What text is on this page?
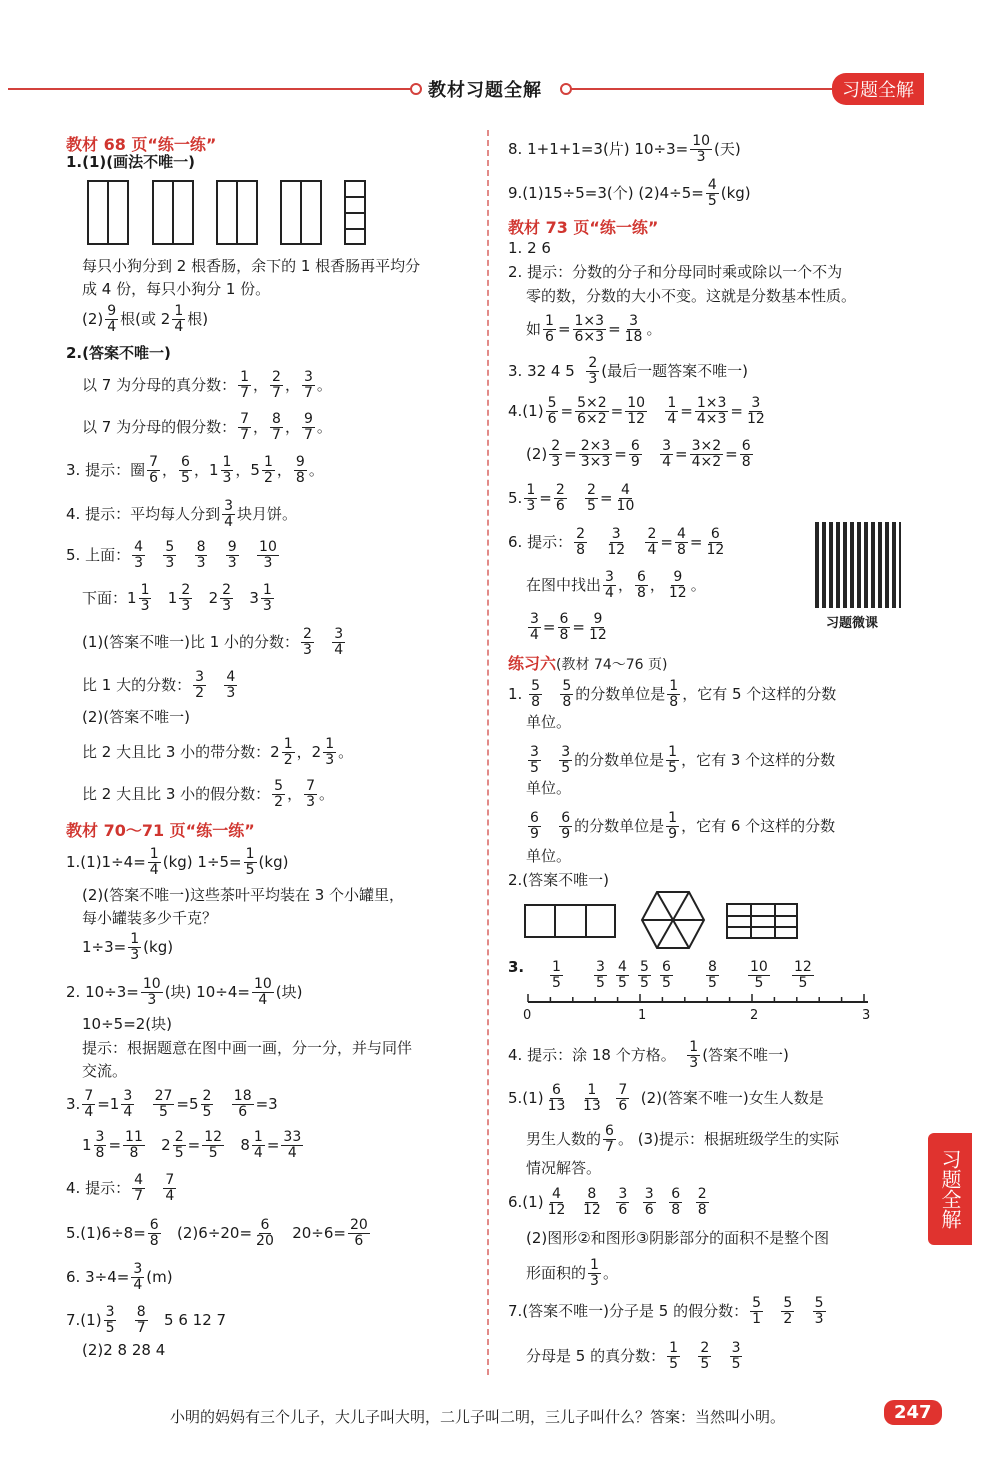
教材习题全解	习题全解
教材 68 页“练一练”
1.(1)(画法不唯一)
每只小狗分到 2 根香肠，余下的 1 根香肠再平均分
成 4 份，每只小狗分 1 份。
$(2) \frac{9}{4}$ 根(或 $2 \frac{1}{4}$ 根)
2.(答案不唯一)
以 7 为分母的真分数： $\frac{1}{7}$ ， $\frac{2}{7}$ ， $\frac{3}{7}$ 。
以 7 为分母的假分数： $\frac{7}{7}$ ， $\frac{8}{7}$ ， $\frac{9}{7}$ 。
3. 提示：圈 $\frac{7}{6}$ ， $\frac{6}{5}$ ，$1 \frac{1}{3}$ ，$5 \frac{1}{2}$ ， $\frac{9}{8}$ 。
4. 提示：平均每人分到 $\frac{3}{4}$ 块月饼。
5. 上面： $\frac{4}{3}$
$\frac{5}{3}$
$\frac{8}{3}$
$\frac{9}{3}$
$\frac{10}{3}$
下面：$1 \frac{1}{3} 1 \frac{2}{3} 2 \frac{2}{3} 3 \frac{1}{3}$
(1)(答案不唯一)比 1 小的分数： $\frac{2}{3}$
$\frac{3}{4}$
比 1 大的分数： $\frac{3}{2}$
$\frac{4}{3}$
(2)(答案不唯一)
比 2 大且比 3 小的带分数：$2 \frac{1}{2}$ ，$2 \frac{1}{3}$ 。
比 2 大且比 3 小的假分数： $\frac{5}{2}$ ， $\frac{7}{3}$ 。
教材 70～71 页“练一练”
$1.(1)1\div 4= \frac{1}{4} (kg)$ $1\div 5= \frac{1}{5} (kg)$
(2)(答案不唯一)这些茶叶平均装在 3 个小罐里，
每小罐装多少千克？
$1\div 3= \frac{1}{3} (kg)$
2. $10\div 3= \frac{10}{3}$ (块) $10\div 4= \frac{10}{4}$ (块)
10÷5=2(块)
提示：根据题意在图中画一画，分一分，并与同伴
交流。
3. $\frac{7}{4} =1 \frac{3}{4}$
$\frac{27}{5} =5 \frac{2}{5}$
$\frac{18}{6} =3$
$1 \frac{3}{8} = \frac{11}{8} 2 \frac{2}{5} = \frac{12}{5} 8 \frac{1}{4} = \frac{33}{4}$
4. 提示： $\frac{4}{7}$
$\frac{7}{4}$
$5.(1)6\div 8= \frac{6}{8} (2)6\div 20= \frac{6}{20} 20\div 6= \frac{20}{6}$
6. $3\div 4= \frac{3}{4} (m)$
$7.(1) \frac{3}{5}$
$\frac{8}{7} 5$ 6 12 7
(2)2 8 28 4
8. 1+1+1=3(片) $10\div 3= \frac{10}{3}$ (天)
9.(1)15÷5=3(个) $(2)4\div 5= \frac{4}{5} (kg)$
教材 73 页“练一练”
1. 2 6
2. 提示：分数的分子和分母同时乘或除以一个不为
零的数，分数的大小不变。这就是分数基本性质。
如 $\frac{1}{6} = \frac{1\times 3}{6\times 3} = \frac{3}{18}$ 。
3. 32 4 $5 \frac{2}{3}$ (最后一题答案不唯一)
$4.(1) \frac{5}{6} = \frac{5\times 2}{6\times 2} = \frac{10}{12}$
$\frac{1}{4} = \frac{1\times 3}{4\times 3} = \frac{3}{12}$
$(2) \frac{2}{3} = \frac{2\times 3}{3\times 3} = \frac{6}{9}$
$\frac{3}{4} = \frac{3\times 2}{4\times 2} = \frac{6}{8}$
5. $\frac{1}{3} = \frac{2}{6}$
$\frac{2}{5} = \frac{4}{10}$
6. 提示： $\frac{2}{8}$
$\frac{3}{12}$
$\frac{2}{4} = \frac{4}{8} = \frac{6}{12}$
习题微课
在图中找出 $\frac{3}{4}$ ， $\frac{6}{8}$ ， $\frac{9}{12}$ 。
$\frac{3}{4} = \frac{6}{8} = \frac{9}{12}$
练习六(教材 74～76 页)
1. $\frac{5}{8}$
$\frac{5}{8}$ 的分数单位是 $\frac{1}{8}$ ，它有 5 个这样的分数
单位。
$\frac{3}{5}$
$\frac{3}{5}$ 的分数单位是 $\frac{1}{5}$ ，它有 3 个这样的分数
单位。
$\frac{6}{9}$
$\frac{6}{9}$ 的分数单位是 $\frac{1}{9}$ ，它有 6 个这样的分数
单位。
2.(答案不唯一)
3. $\frac{1}{5} \frac{3}{5} \frac{4}{5} \frac{5}{5} \frac{6}{5} \frac{8}{5} \frac{10}{5} \frac{12}{5}$
0	1	2	3
4. 提示：涂 18 个方格。 $\frac{1}{3}$ (答案不唯一)
$5.(1) \frac{6}{13}$
$\frac{1}{13}$
$\frac{7}{6} (2)$(答案不唯一)女生人数是
男生人数的 $\frac{6}{7}$ 。 (3)提示：根据班级学生的实际
情况解答。
$6.(1) \frac{4}{12}$
$\frac{8}{12}$
$\frac{3}{6}$
$\frac{3}{6}$
$\frac{6}{8}$
$\frac{2}{8}$
(2)图形②和图形③阴影部分的面积不是整个图
形面积的 $\frac{1}{3}$ 。
7.(答案不唯一)分子是 5 的假分数： $\frac{5}{1}$
$\frac{5}{2}$
$\frac{5}{3}$
分母是 5 的真分数： $\frac{1}{5}$
$\frac{2}{5}$
$\frac{3}{5}$
习题全解
小明的妈妈有三个儿子，大儿子叫大明，二儿子叫二明，三儿子叫什么？答案：当然叫小明。	247
